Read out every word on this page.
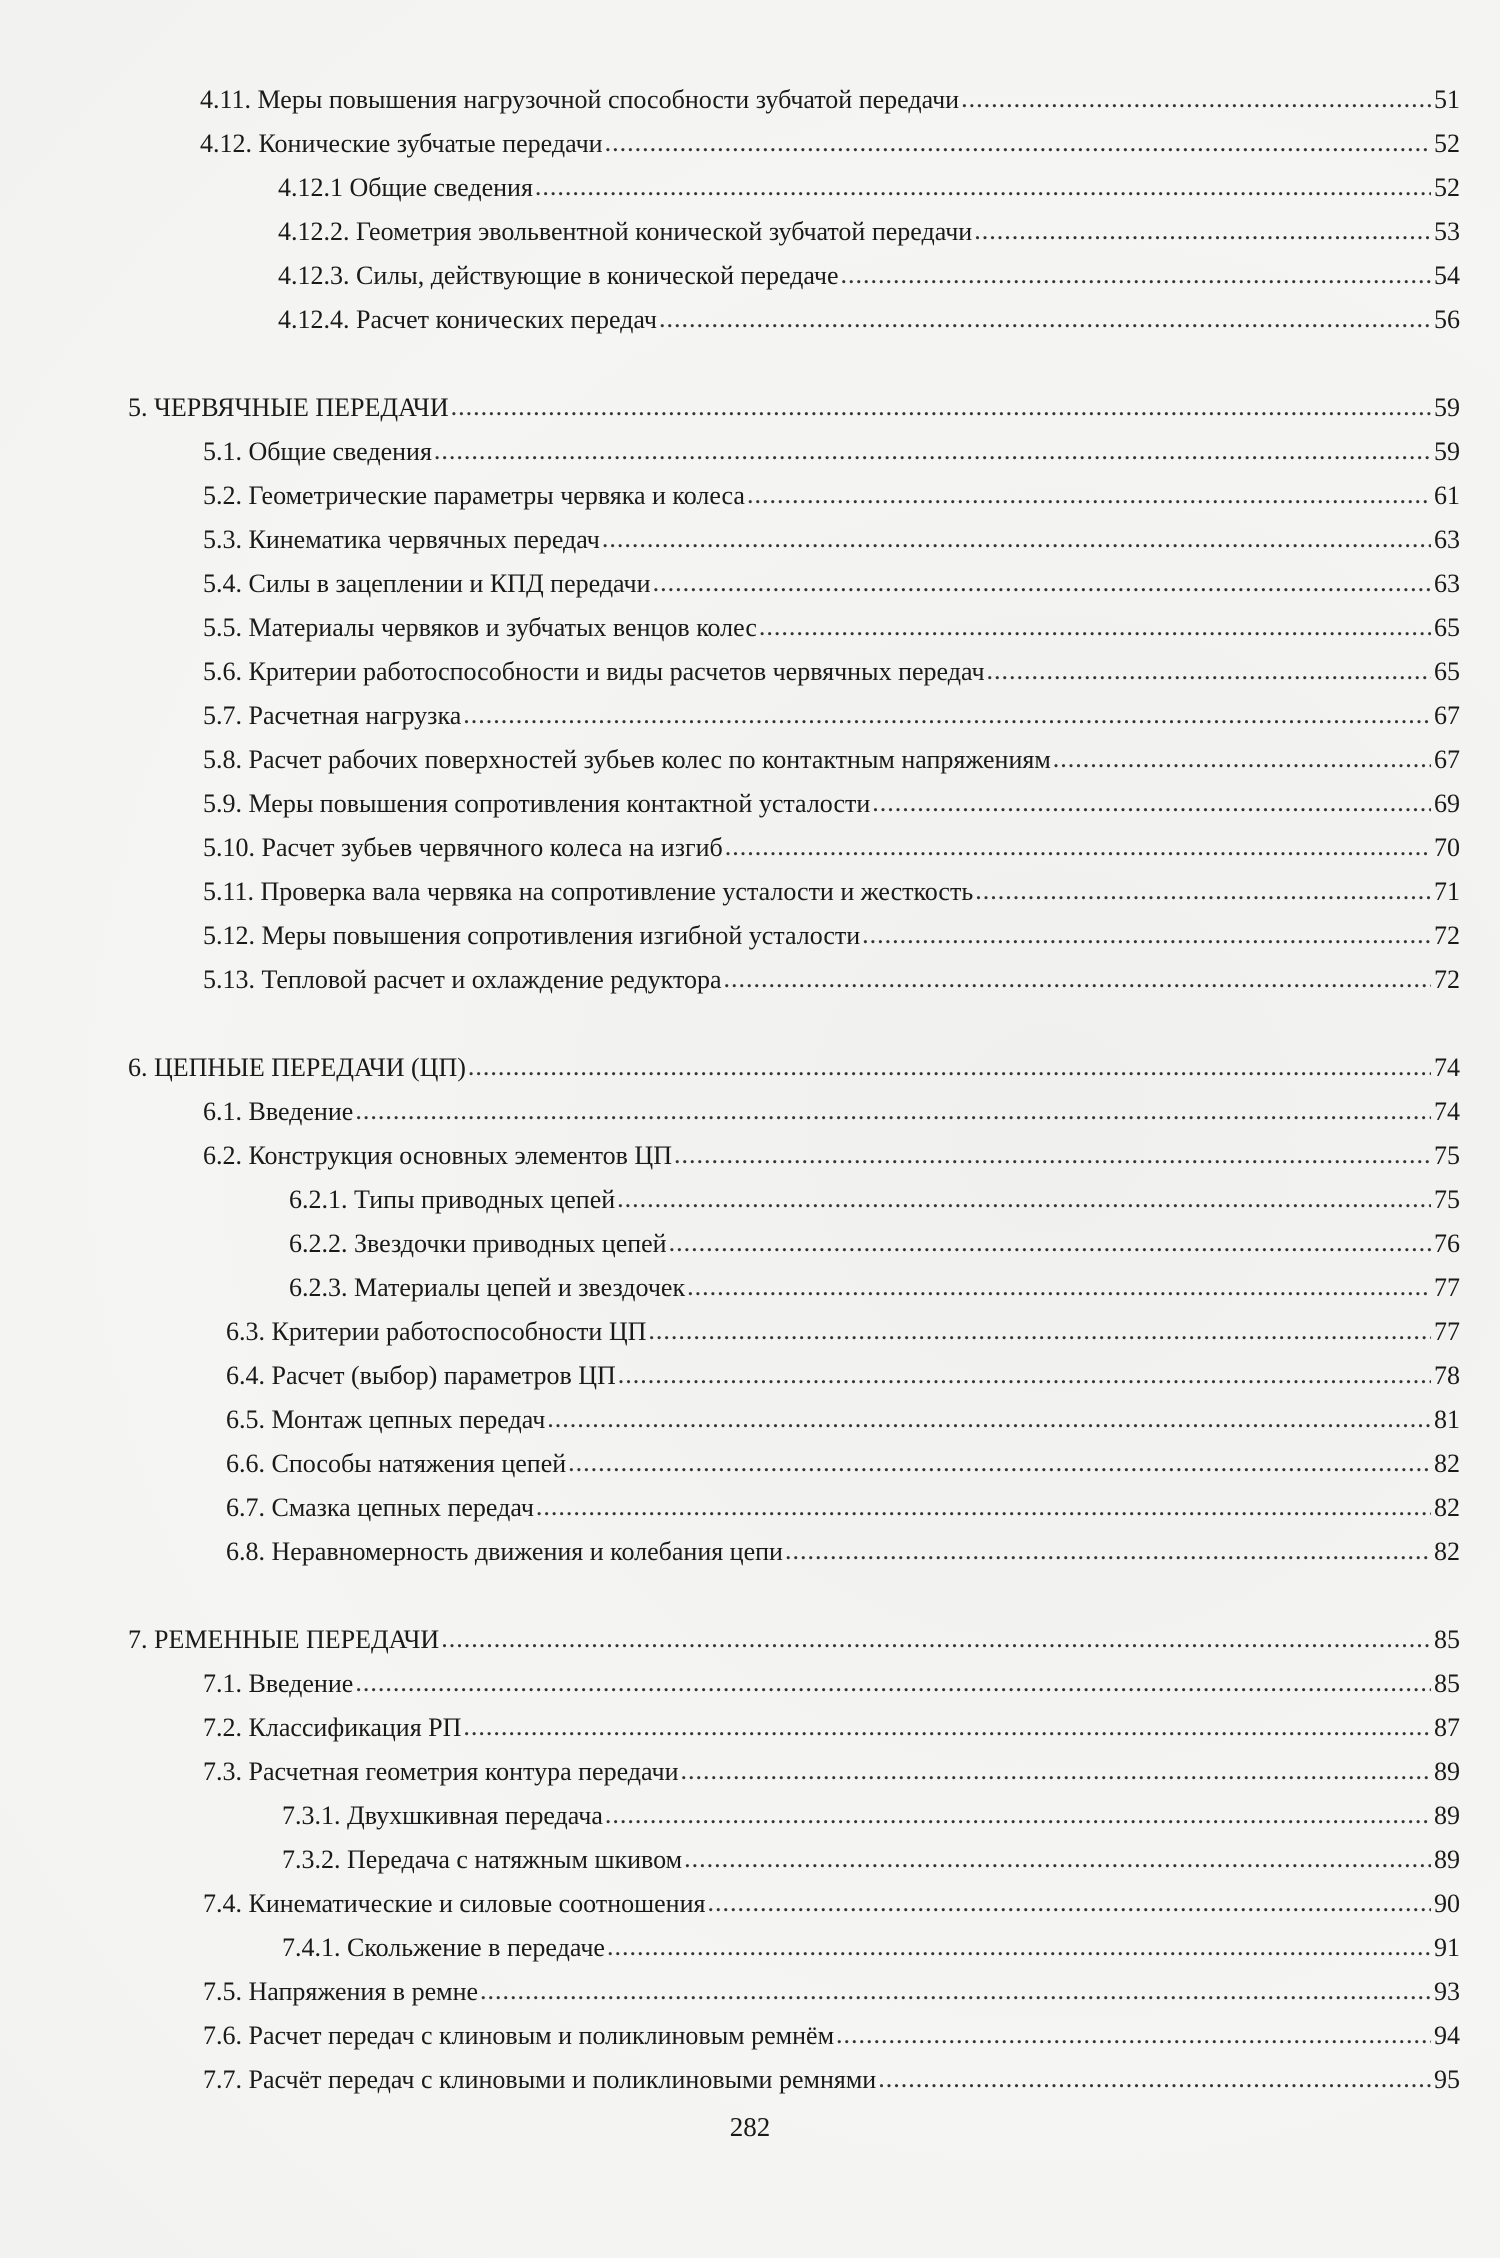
4.11. Меры повышения нагрузочной способности зубчатой передачи .....	51
4.12. Конические зубчатые передачи .....	52
4.12.1 Общие сведения .....	52
4.12.2. Геометрия эвольвентной конической зубчатой передачи .....	53
4.12.3. Силы, действующие в конической передаче .....	54
4.12.4. Расчет конических передач .....	56
5. ЧЕРВЯЧНЫЕ ПЕРЕДАЧИ .....	59
5.1. Общие сведения .....	59
5.2. Геометрические параметры червяка и колеса .....	61
5.3. Кинематика червячных передач .....	63
5.4. Силы в зацеплении и КПД передачи .....	63
5.5. Материалы червяков и зубчатых венцов колес .....	65
5.6. Критерии работоспособности и виды расчетов червячных передач .....	65
5.7. Расчетная нагрузка .....	67
5.8. Расчет рабочих поверхностей зубьев колес по контактным напряжениям .....	67
5.9. Меры повышения сопротивления контактной усталости .....	69
5.10. Расчет зубьев червячного колеса на изгиб .....	70
5.11. Проверка вала червяка на сопротивление усталости и жесткость .....	71
5.12. Меры повышения сопротивления изгибной усталости .....	72
5.13. Тепловой расчет и охлаждение редуктора .....	72
6. ЦЕПНЫЕ ПЕРЕДАЧИ (ЦП) .....	74
6.1. Введение .....	74
6.2. Конструкция основных элементов ЦП .....	75
6.2.1. Типы приводных цепей .....	75
6.2.2. Звездочки приводных цепей .....	76
6.2.3. Материалы цепей и звездочек .....	77
6.3. Критерии работоспособности ЦП .....	77
6.4. Расчет (выбор) параметров ЦП .....	78
6.5. Монтаж цепных передач .....	81
6.6. Способы натяжения цепей .....	82
6.7. Смазка цепных передач .....	82
6.8. Неравномерность движения и колебания цепи .....	82
7. РЕМЕННЫЕ ПЕРЕДАЧИ .....	85
7.1. Введение .....	85
7.2. Классификация РП .....	87
7.3. Расчетная геометрия контура передачи .....	89
7.3.1. Двухшкивная передача .....	89
7.3.2. Передача с натяжным шкивом .....	89
7.4. Кинематические и силовые соотношения .....	90
7.4.1. Скольжение в передаче .....	91
7.5. Напряжения в ремне .....	93
7.6. Расчет передач с клиновым и поликлиновым ремнём .....	94
7.7. Расчёт передач с клиновыми и поликлиновыми ремнями .....	95
282
